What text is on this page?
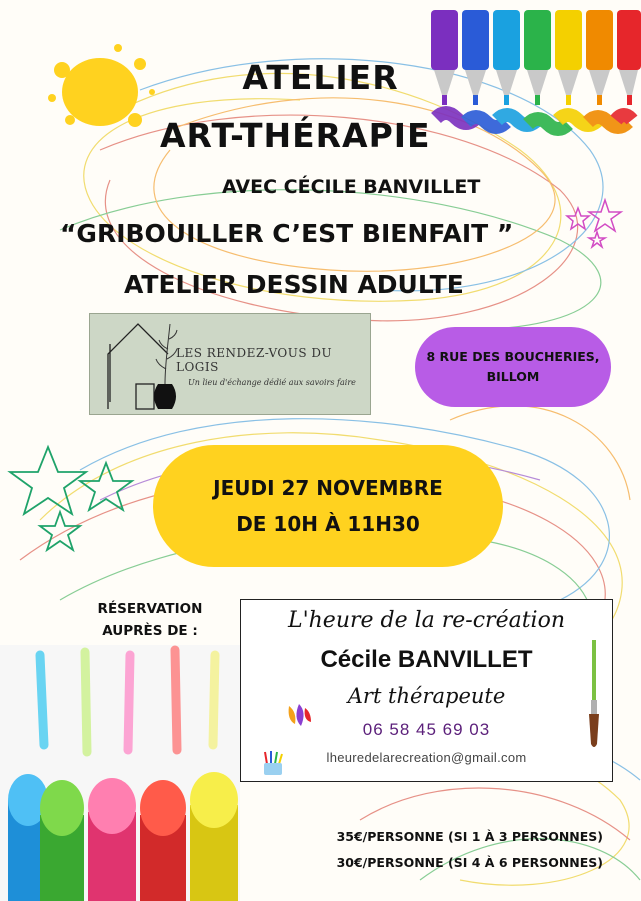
ATELIER
ART-THÉRAPIE
AVEC CÉCILE BANVILLET
“GRIBOUILLER C’EST BIENFAIT ”
ATELIER DESSIN ADULTE
LES RENDEZ-VOUS DU LOGIS
Un lieu d'échange dédié aux savoirs faire
8 RUE DES BOUCHERIES,
BILLOM
JEUDI 27 NOVEMBRE
DE 10H À 11H30
RÉSERVATION
AUPRÈS DE :	L'heure de la re-création
Cécile BANVILLET
Art thérapeute
06 58 45 69 03
lheuredelarecreation@gmail.com
35€/PERSONNE (SI 1 À 3 PERSONNES)
30€/PERSONNE (SI 4 À 6 PERSONNES)
